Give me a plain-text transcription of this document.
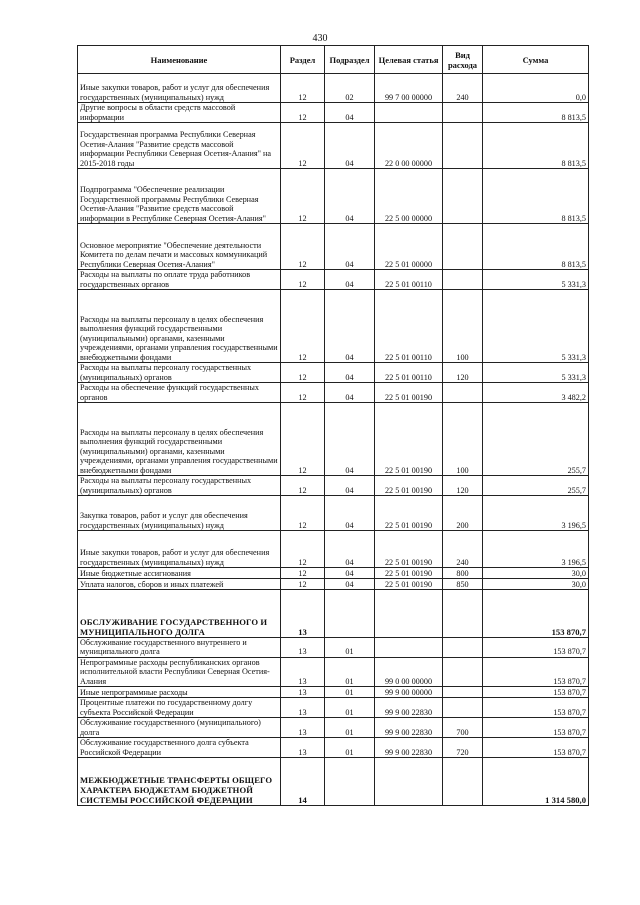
430
Наименование	Раздел	Подраздел	Целевая статья	Вид расхода	Сумма
Иные закупки товаров, работ и услуг для обеспечения государственных (муниципальных) нужд	12	02	99 7 00 00000	240	0,0
Другие вопросы в области средств массовой информации	12	04			8 813,5
Государственная программа Республики Северная Осетия-Алания "Развитие средств массовой информации Республики Северная Осетия-Алания" на 2015-2018 годы	12	04	22 0 00 00000		8 813,5
Подпрограмма "Обеспечение реализации Государственной программы Республики Северная Осетия-Алания "Развитие средств массовой информации в Республике Северная Осетия-Алания"	12	04	22 5 00 00000		8 813,5
Основное мероприятие "Обеспечение деятельности Комитета по делам печати и массовых коммуникаций Республики Северная Осетия-Алания"	12	04	22 5 01 00000		8 813,5
Расходы на выплаты по оплате труда работников государственных органов	12	04	22 5 01 00110		5 331,3
Расходы на выплаты персоналу в целях обеспечения выполнения функций государственными (муниципальными) органами, казенными учреждениями, органами управления государственными внебюджетными фондами	12	04	22 5 01 00110	100	5 331,3
Расходы на выплаты персоналу государственных (муниципальных) органов	12	04	22 5 01 00110	120	5 331,3
Расходы на обеспечение функций государственных органов	12	04	22 5 01 00190		3 482,2
Расходы на выплаты персоналу в целях обеспечения выполнения функций государственными (муниципальными) органами, казенными учреждениями, органами управления государственными внебюджетными фондами	12	04	22 5 01 00190	100	255,7
Расходы на выплаты персоналу государственных (муниципальных) органов	12	04	22 5 01 00190	120	255,7
Закупка товаров, работ и услуг для обеспечения государственных (муниципальных) нужд	12	04	22 5 01 00190	200	3 196,5
Иные закупки товаров, работ и услуг для обеспечения государственных (муниципальных) нужд	12	04	22 5 01 00190	240	3 196,5
Иные бюджетные ассигнования	12	04	22 5 01 00190	800	30,0
Уплата налогов, сборов и иных платежей	12	04	22 5 01 00190	850	30,0
ОБСЛУЖИВАНИЕ ГОСУДАРСТВЕННОГО И МУНИЦИПАЛЬНОГО ДОЛГА	13				153 870,7
Обслуживание государственного внутреннего и муниципального долга	13	01			153 870,7
Непрограммные расходы республиканских органов исполнительной власти Республики Северная Осетия-Алания	13	01	99 0 00 00000		153 870,7
Иные непрограммные расходы	13	01	99 9 00 00000		153 870,7
Процентные платежи по государственному долгу субъекта Российской Федерации	13	01	99 9 00 22830		153 870,7
Обслуживание государственного (муниципального) долга	13	01	99 9 00 22830	700	153 870,7
Обслуживание государственного долга субъекта Российской Федерации	13	01	99 9 00 22830	720	153 870,7
МЕЖБЮДЖЕТНЫЕ ТРАНСФЕРТЫ ОБЩЕГО ХАРАКТЕРА БЮДЖЕТАМ БЮДЖЕТНОЙ СИСТЕМЫ РОССИЙСКОЙ ФЕДЕРАЦИИ	14				1 314 580,0
